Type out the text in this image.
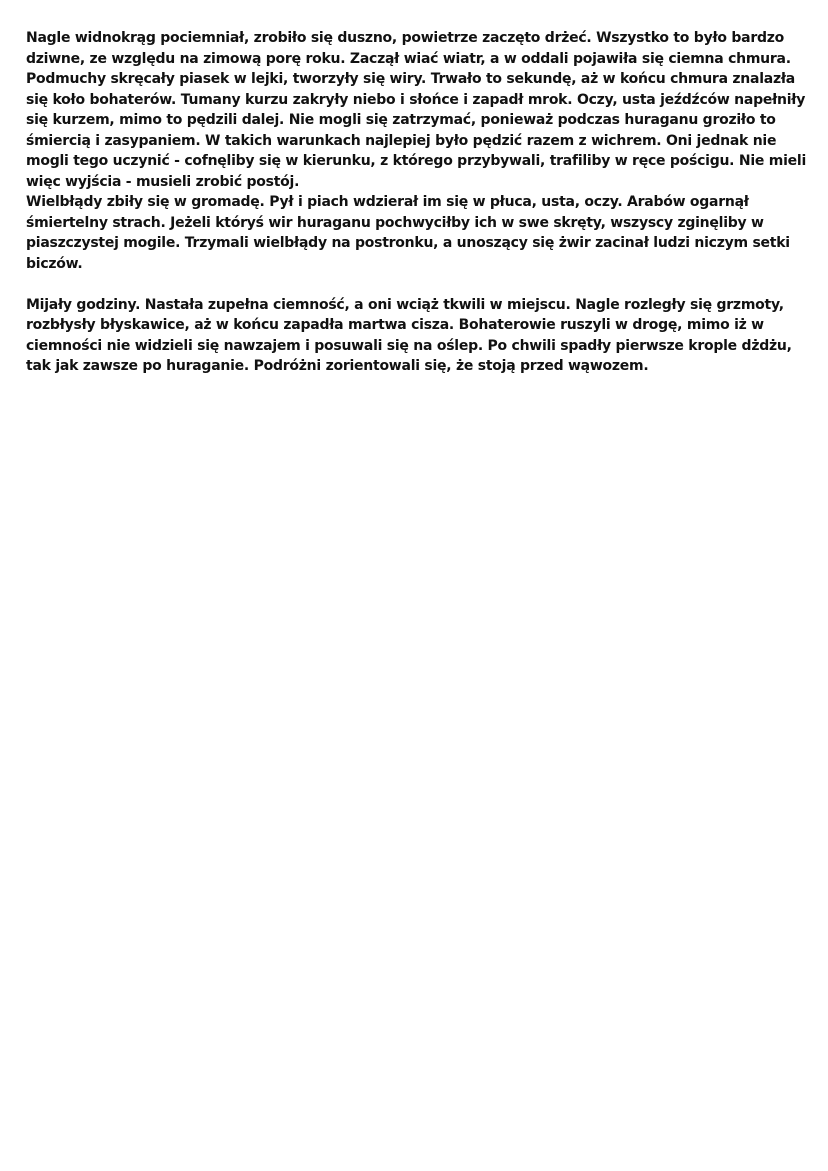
Nagle widnokrąg pociemniał, zrobiło się duszno, powietrze zaczęto drżeć. Wszystko to było bardzo dziwne, ze względu na zimową porę roku. Zaczął wiać wiatr, a w oddali pojawiła się ciemna chmura. Podmuchy skręcały piasek w lejki, tworzyły się wiry. Trwało to sekundę, aż w końcu chmura znalazła się koło bohaterów. Tumany kurzu zakryły niebo i słońce i zapadł mrok. Oczy, usta jeźdźców napełniły się kurzem, mimo to pędzili dalej. Nie mogli się zatrzymać, ponieważ podczas huraganu groziło to śmiercią i zasypaniem. W takich warunkach najlepiej było pędzić razem z wichrem. Oni jednak nie mogli tego uczynić - cofnęliby się w kierunku, z którego przybywali, trafiliby w ręce pościgu. Nie mieli więc wyjścia - musieli zrobić postój.

Wielbłądy zbiły się w gromadę. Pył i piach wdzierał im się w płuca, usta, oczy. Arabów ogarnął śmiertelny strach. Jeżeli któryś wir huraganu pochwyciłby ich w swe skręty, wszyscy zginęliby w piaszczystej mogile. Trzymali wielbłądy na postronku, a unoszący się żwir zacinał ludzi niczym setki biczów.

Mijały godziny. Nastała zupełna ciemność, a oni wciąż tkwili w miejscu. Nagle rozległy się grzmoty, rozbłysły błyskawice, aż w końcu zapadła martwa cisza. Bohaterowie ruszyli w drogę, mimo iż w ciemności nie widzieli się nawzajem i posuwali się na oślep. Po chwili spadły pierwsze krople dżdżu, tak jak zawsze po huraganie. Podróżni zorientowali się, że stoją przed wąwozem.
